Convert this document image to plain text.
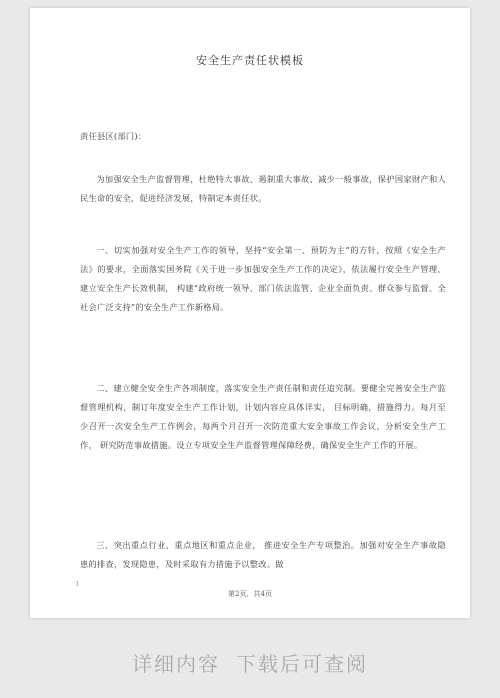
安全生产责任状模板
责任县区(部门)：
为加强安全生产监督管理，杜绝特大事故、遏制重大事故、减少一般事故，保护国家财产和人民生命的安全，促进经济发展，特制定本责任状。
一、切实加强对安全生产工作的领导，坚持“安全第一、预防为主”的方针，按照《安全生产法》的要求，全面落实国务院《关于进一步加强安全生产工作的决定》，依法履行安全生产管理，建立安全生产长效机制， 构建“政府统一领导、部门依法监管、企业全面负责、群众参与监督、全社会广泛支持”的安全生产工作新格局。
二、建立健全安全生产各项制度，落实安全生产责任制和责任追究制。要健全完善安全生产监督管理机构，制订年度安全生产工作计划，计划内容应具体详实， 目标明确，措施得力。每月至少召开一次安全生产工作例会，每两个月召开一次防范重大安全事故工作会议，分析安全生产工作， 研究防范事故措施。设立专项安全生产监督管理保障经费，确保安全生产工作的开展。
三、突出重点行业、重点地区和重点企业， 推进安全生产专项整治。加强对安全生产事故隐患的排查，发现隐患，及时采取有力措施予以整改。做
I
第2页，共4页
详细内容 下载后可查阅
